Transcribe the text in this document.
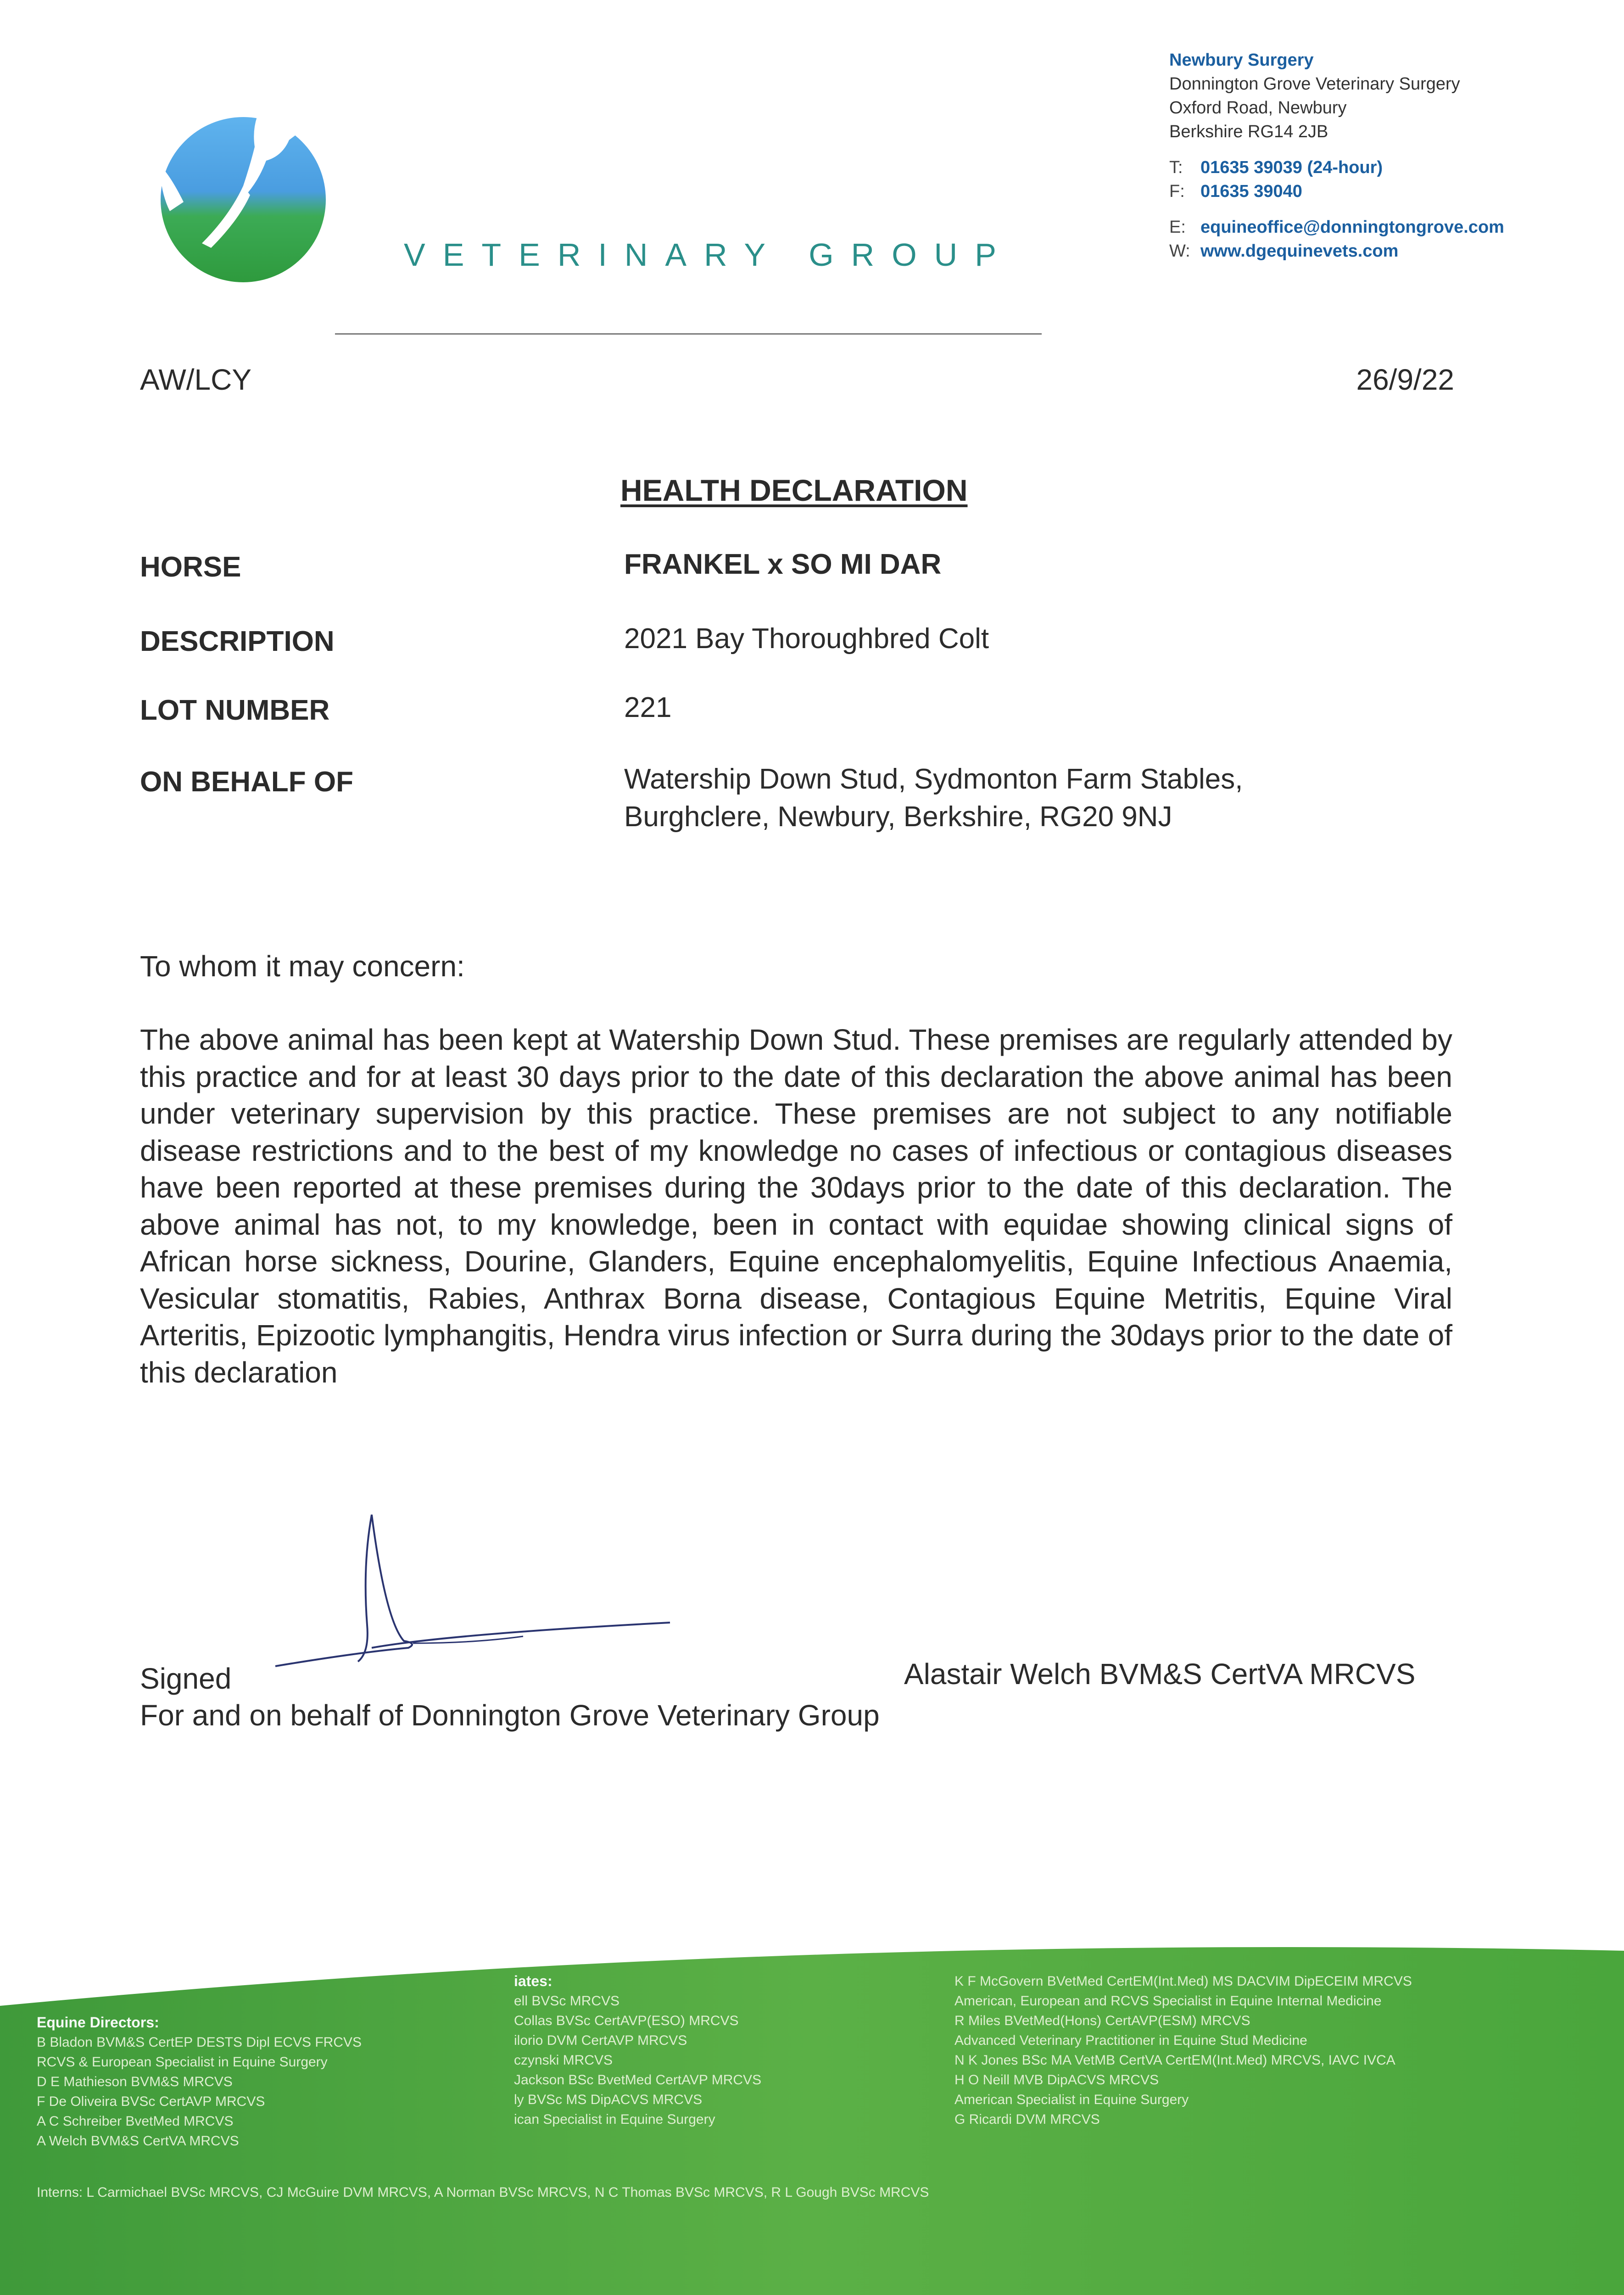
VETERINARY GROUP
Newbury Surgery
Donnington Grove Veterinary Surgery
Oxford Road, Newbury
Berkshire RG14 2JB
T:	01635 39039 (24-hour)
F: 01635 39040
E: equineoffice@donningtongrove.com
W: www.dgequinevets.com
AW/LCY	26/9/22
HEALTH DECLARATION
HORSE	FRANKEL x SO MI DAR
DESCRIPTION	2021 Bay Thoroughbred Colt
LOT NUMBER	221
ON BEHALF OF	Watership Down Stud, Sydmonton Farm Stables,
Burghclere, Newbury, Berkshire, RG20 9NJ
To whom it may concern:
The above animal has been kept at Watership Down Stud. These premises are regularly attended by this practice and for at least 30 days prior to the date of this declaration the above animal has been under veterinary supervision by this practice. These premises are not subject to any notifiable disease restrictions and to the best of my knowledge no cases of infectious or contagious diseases have been reported at these premises during the 30days prior to the date of this declaration. The above animal has not, to my knowledge, been in contact with equidae showing clinical signs of African horse sickness, Dourine, Glanders, Equine encephalomyelitis, Equine Infectious Anaemia, Vesicular stomatitis, Rabies, Anthrax Borna disease, Contagious Equine Metritis, Equine Viral Arteritis, Epizootic lymphangitis, Hendra virus infection or Surra during the 30days prior to the date of this declaration
Signed	Alastair Welch BVM&S CertVA MRCVS
For and on behalf of Donnington Grove Veterinary Group
Equine Directors:
B Bladon BVM&S CertEP DESTS Dipl ECVS FRCVS
RCVS & European Specialist in Equine Surgery
D E Mathieson BVM&S MRCVS
F De Oliveira BVSc CertAVP MRCVS
A C Schreiber BvetMed MRCVS
A Welch BVM&S CertVA MRCVS
iates:
ell BVSc MRCVS
Collas BVSc CertAVP(ESO) MRCVS
ilorio DVM CertAVP MRCVS
czynski MRCVS
Jackson BSc BvetMed CertAVP MRCVS
ly BVSc MS DipACVS MRCVS
ican Specialist in Equine Surgery
K F McGovern BVetMed CertEM(Int.Med) MS DACVIM DipECEIM MRCVS
American, European and RCVS Specialist in Equine Internal Medicine
R Miles BVetMed(Hons) CertAVP(ESM) MRCVS
Advanced Veterinary Practitioner in Equine Stud Medicine
N K Jones BSc MA VetMB CertVA CertEM(Int.Med) MRCVS, IAVC IVCA
H O Neill MVB DipACVS MRCVS
American Specialist in Equine Surgery
G Ricardi DVM MRCVS
Interns: L Carmichael BVSc MRCVS, CJ McGuire DVM MRCVS, A Norman BVSc MRCVS, N C Thomas BVSc MRCVS, R L Gough BVSc MRCVS
